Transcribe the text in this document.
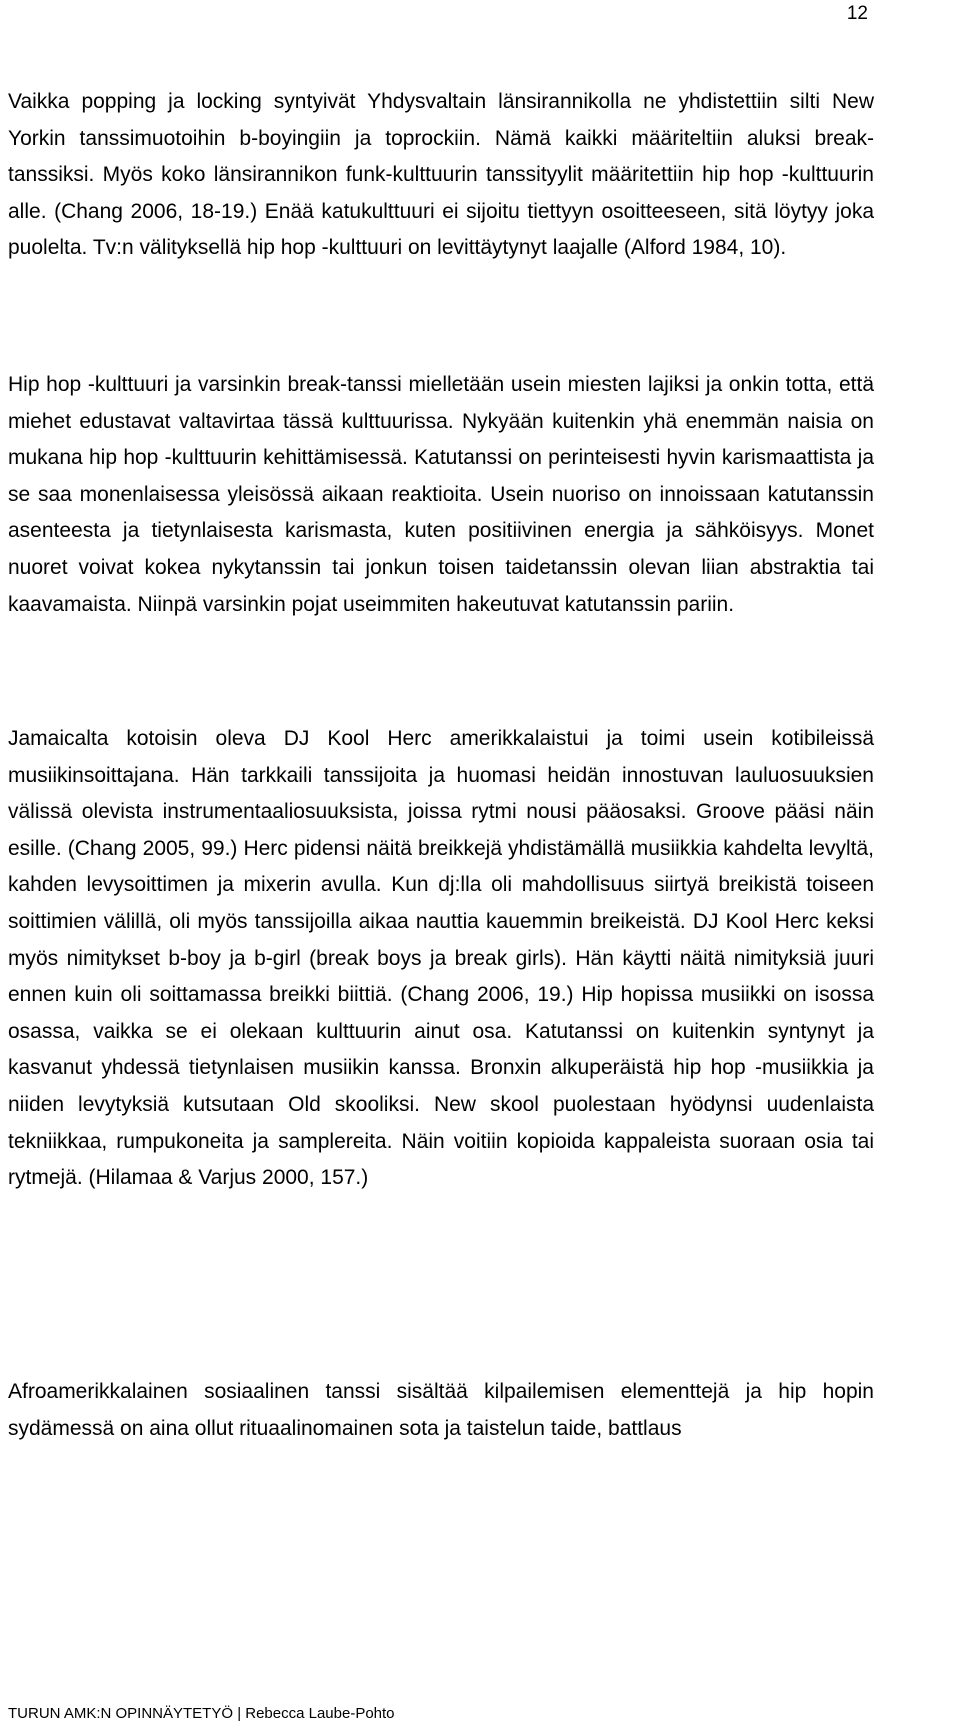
12

Vaikka popping ja locking syntyivät Yhdysvaltain länsirannikolla ne yhdistettiin silti New Yorkin tanssimuotoihin b-boyingiin ja toprockiin. Nämä kaikki määriteltiin aluksi break-tanssiksi. Myös koko länsirannikon funk-kulttuurin tanssityylit määritettiin hip hop -kulttuurin alle. (Chang 2006, 18-19.) Enää katukulttuuri ei sijoitu tiettyyn osoitteeseen, sitä löytyy joka puolelta. Tv:n välityksellä hip hop -kulttuuri on levittäytynyt laajalle (Alford 1984, 10).

Hip hop -kulttuuri ja varsinkin break-tanssi mielletään usein miesten lajiksi ja onkin totta, että miehet edustavat valtavirtaa tässä kulttuurissa. Nykyään kuitenkin yhä enemmän naisia on mukana hip hop -kulttuurin kehittämisessä. Katutanssi on perinteisesti hyvin karismaattista ja se saa monenlaisessa yleisössä aikaan reaktioita. Usein nuoriso on innoissaan katutanssin asenteesta ja tietynlaisesta karismasta, kuten positiivinen energia ja sähköisyys. Monet nuoret voivat kokea nykytanssin tai jonkun toisen taidetanssin olevan liian abstraktia tai kaavamaista. Niinpä varsinkin pojat useimmiten hakeutuvat katutanssin pariin.

Jamaicalta kotoisin oleva DJ Kool Herc amerikkalaistui ja toimi usein kotibileissä musiikinsoittajana. Hän tarkkaili tanssijoita ja huomasi heidän innostuvan lauluosuuksien välissä olevista instrumentaaliosuuksista, joissa rytmi nousi pääosaksi. Groove pääsi näin esille. (Chang 2005, 99.) Herc pidensi näitä breikkejä yhdistämällä musiikkia kahdelta levyltä, kahden levysoittimen ja mixerin avulla. Kun dj:lla oli mahdollisuus siirtyä breikistä toiseen soittimien välillä, oli myös tanssijoilla aikaa nauttia kauemmin breikeistä. DJ Kool Herc keksi myös nimitykset b-boy ja b-girl (break boys ja break girls). Hän käytti näitä nimityksiä juuri ennen kuin oli soittamassa breikki biittiä. (Chang 2006, 19.) Hip hopissa musiikki on isossa osassa, vaikka se ei olekaan kulttuurin ainut osa. Katutanssi on kuitenkin syntynyt ja kasvanut yhdessä tietynlaisen musiikin kanssa. Bronxin alkuperäistä hip hop -musiikkia ja niiden levytyksiä kutsutaan Old skooliksi. New skool puolestaan hyödynsi uudenlaista tekniikkaa, rumpukoneita ja samplereita. Näin voitiin kopioida kappaleista suoraan osia tai rytmejä. (Hilamaa & Varjus 2000, 157.)

Afroamerikkalainen sosiaalinen tanssi sisältää kilpailemisen elementtejä ja hip hopin sydämessä on aina ollut rituaalinomainen sota ja taistelun taide, battlaus

TURUN AMK:N OPINNÄYTETYÖ | Rebecca Laube-Pohto
